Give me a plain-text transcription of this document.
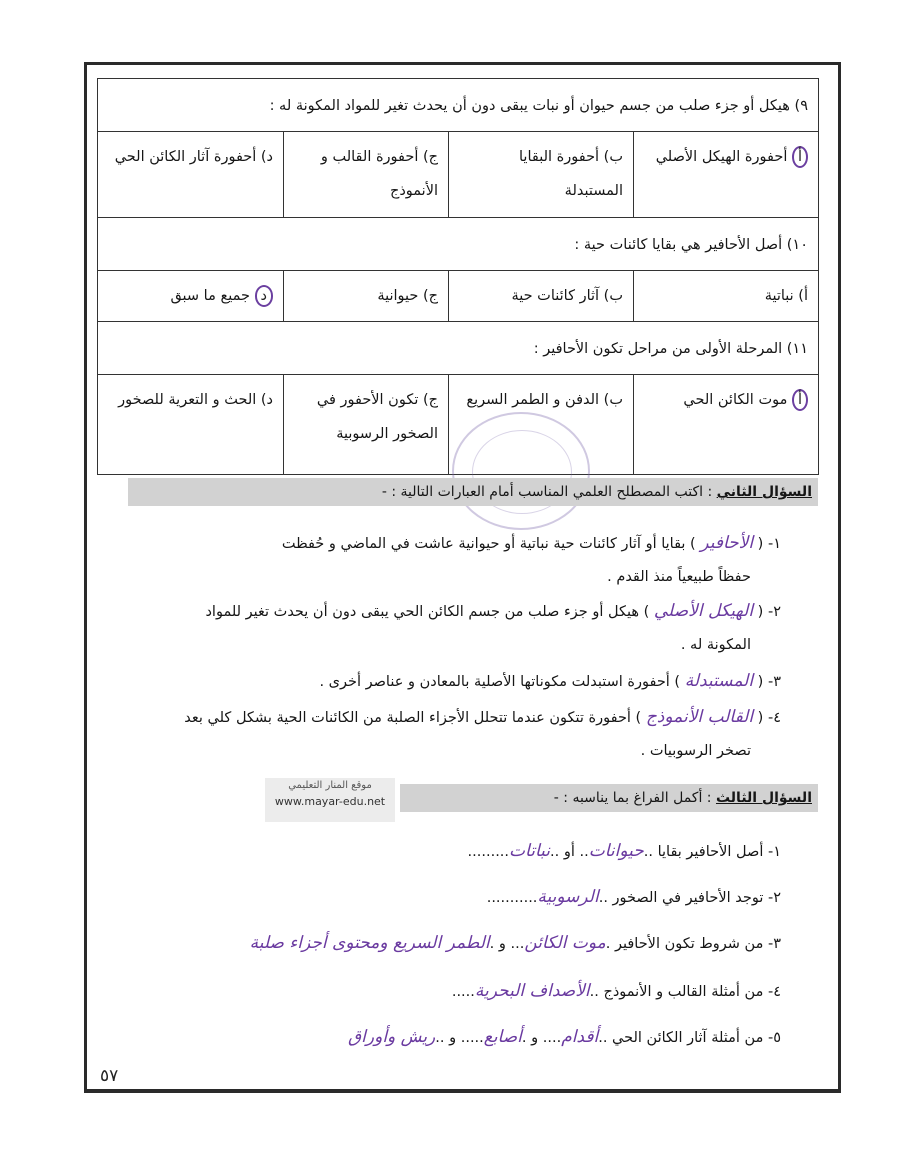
٩) هيكل أو جزء صلب من جسم حيوان أو نبات يبقى دون أن يحدث تغير للمواد المكونة له :			
أ أحفورة الهيكل الأصلي	ب) أحفورة البقايا المستبدلة	ج) أحفورة القالب و الأنموذج	د) أحفورة آثار الكائن الحي
١٠) أصل الأحافير هي بقايا كائنات حية :			
أ) نباتية	ب) آثار كائنات حية	ج) حيوانية	د جميع ما سبق
١١) المرحلة الأولى من مراحل تكون الأحافير :			
أ موت الكائن الحي	ب) الدفن و الطمر السريع	ج) تكون الأحفور في الصخور الرسوبية	د) الحث و التعرية للصخور
السؤال الثاني : اكتب المصطلح العلمي المناسب أمام العبارات التالية : -
١- ( الأحافير ) بقايا أو آثار كائنات حية نباتية أو حيوانية عاشت في الماضي و حُفظت
حفظاً طبيعياً منذ القدم .
٢- ( الهيكل الأصلي ) هيكل أو جزء صلب من جسم الكائن الحي يبقى دون أن يحدث تغير للمواد
المكونة له .
٣- ( المستبدلة ) أحفورة استبدلت مكوناتها الأصلية بالمعادن و عناصر أخرى .
٤- ( القالب الأنموذج ) أحفورة تتكون عندما تتحلل الأجزاء الصلبة من الكائنات الحية بشكل كلي بعد
تصخر الرسوبيات .
موقع المنار التعليمي
www.mayar-edu.net	السؤال الثالث : أكمل الفراغ بما يناسبه : -
١- أصل الأحافير بقايا ..حيوانات.. أو ..نباتات.........
٢- توجد الأحافير في الصخور ..الرسوبية...........
٣- من شروط تكون الأحافير .موت الكائن... و .الطمر السريع ومحتوى أجزاء صلبة
٤- من أمثلة القالب و الأنموذج ..الأصداف البحرية.....
٥- من أمثلة آثار الكائن الحي ..أقدام.... و .أصابع..... و ..ريش وأوراق
٥٧
